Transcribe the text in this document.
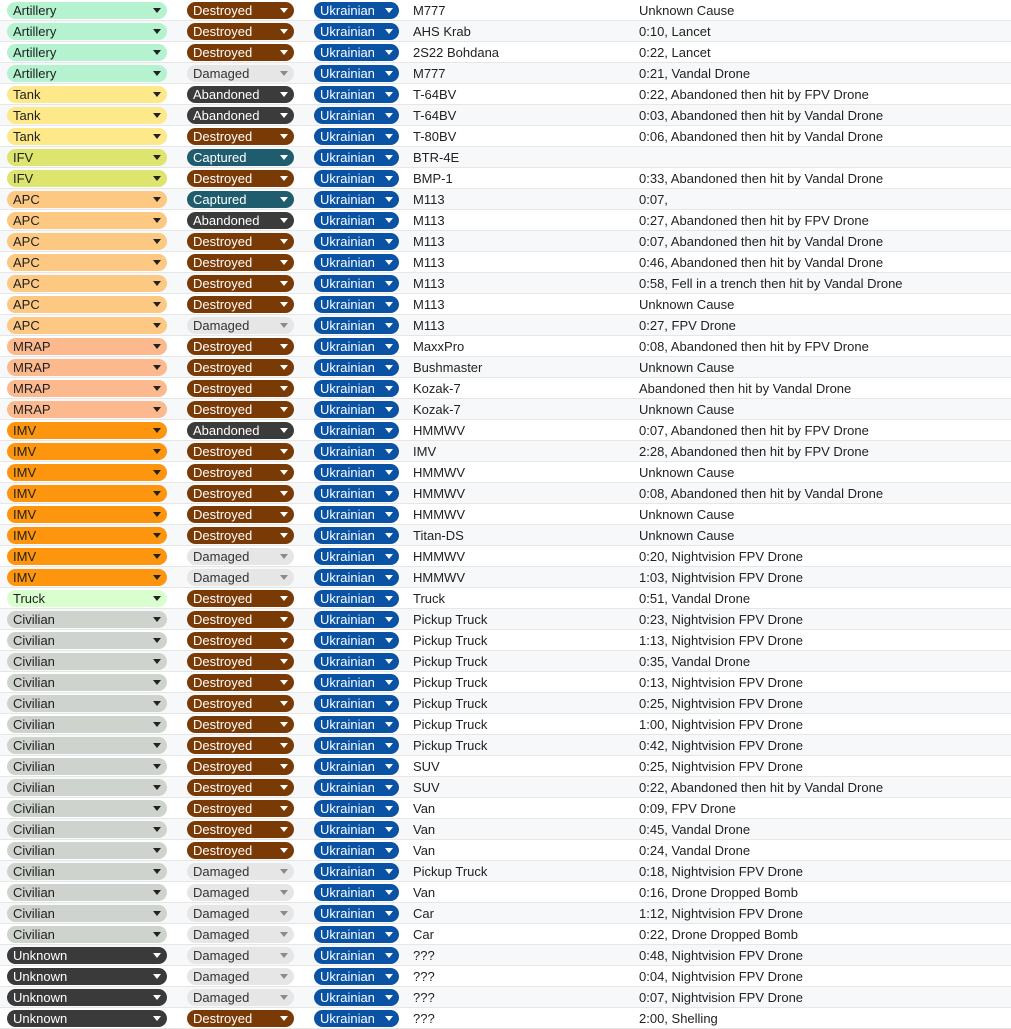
Artillery	Destroyed	Ukrainian	M777	Unknown Cause
Artillery	Destroyed	Ukrainian	AHS Krab	0:10, Lancet
Artillery	Destroyed	Ukrainian	2S22 Bohdana	0:22, Lancet
Artillery	Damaged	Ukrainian	M777	0:21, Vandal Drone
Tank	Abandoned	Ukrainian	T-64BV	0:22, Abandoned then hit by FPV Drone
Tank	Abandoned	Ukrainian	T-64BV	0:03, Abandoned then hit by Vandal Drone
Tank	Destroyed	Ukrainian	T-80BV	0:06, Abandoned then hit by Vandal Drone
IFV	Captured	Ukrainian	BTR-4E
IFV	Destroyed	Ukrainian	BMP-1	0:33, Abandoned then hit by Vandal Drone
APC	Captured	Ukrainian	M113	0:07,
APC	Abandoned	Ukrainian	M113	0:27, Abandoned then hit by FPV Drone
APC	Destroyed	Ukrainian	M113	0:07, Abandoned then hit by Vandal Drone
APC	Destroyed	Ukrainian	M113	0:46, Abandoned then hit by Vandal Drone
APC	Destroyed	Ukrainian	M113	0:58, Fell in a trench then hit by Vandal Drone
APC	Destroyed	Ukrainian	M113	Unknown Cause
APC	Damaged	Ukrainian	M113	0:27, FPV Drone
MRAP	Destroyed	Ukrainian	MaxxPro	0:08, Abandoned then hit by FPV Drone
MRAP	Destroyed	Ukrainian	Bushmaster	Unknown Cause
MRAP	Destroyed	Ukrainian	Kozak-7	Abandoned then hit by Vandal Drone
MRAP	Destroyed	Ukrainian	Kozak-7	Unknown Cause
IMV	Abandoned	Ukrainian	HMMWV	0:07, Abandoned then hit by FPV Drone
IMV	Destroyed	Ukrainian	IMV	2:28, Abandoned then hit by FPV Drone
IMV	Destroyed	Ukrainian	HMMWV	Unknown Cause
IMV	Destroyed	Ukrainian	HMMWV	0:08, Abandoned then hit by Vandal Drone
IMV	Destroyed	Ukrainian	HMMWV	Unknown Cause
IMV	Destroyed	Ukrainian	Titan-DS	Unknown Cause
IMV	Damaged	Ukrainian	HMMWV	0:20, Nightvision FPV Drone
IMV	Damaged	Ukrainian	HMMWV	1:03, Nightvision FPV Drone
Truck	Destroyed	Ukrainian	Truck	0:51, Vandal Drone
Civilian	Destroyed	Ukrainian	Pickup Truck	0:23, Nightvision FPV Drone
Civilian	Destroyed	Ukrainian	Pickup Truck	1:13, Nightvision FPV Drone
Civilian	Destroyed	Ukrainian	Pickup Truck	0:35, Vandal Drone
Civilian	Destroyed	Ukrainian	Pickup Truck	0:13, Nightvision FPV Drone
Civilian	Destroyed	Ukrainian	Pickup Truck	0:25, Nightvision FPV Drone
Civilian	Destroyed	Ukrainian	Pickup Truck	1:00, Nightvision FPV Drone
Civilian	Destroyed	Ukrainian	Pickup Truck	0:42, Nightvision FPV Drone
Civilian	Destroyed	Ukrainian	SUV	0:25, Nightvision FPV Drone
Civilian	Destroyed	Ukrainian	SUV	0:22, Abandoned then hit by Vandal Drone
Civilian	Destroyed	Ukrainian	Van	0:09, FPV Drone
Civilian	Destroyed	Ukrainian	Van	0:45, Vandal Drone
Civilian	Destroyed	Ukrainian	Van	0:24, Vandal Drone
Civilian	Damaged	Ukrainian	Pickup Truck	0:18, Nightvision FPV Drone
Civilian	Damaged	Ukrainian	Van	0:16, Drone Dropped Bomb
Civilian	Damaged	Ukrainian	Car	1:12, Nightvision FPV Drone
Civilian	Damaged	Ukrainian	Car	0:22, Drone Dropped Bomb
Unknown	Damaged	Ukrainian	???	0:48, Nightvision FPV Drone
Unknown	Damaged	Ukrainian	???	0:04, Nightvision FPV Drone
Unknown	Damaged	Ukrainian	???	0:07, Nightvision FPV Drone
Unknown	Destroyed	Ukrainian	???	2:00, Shelling
